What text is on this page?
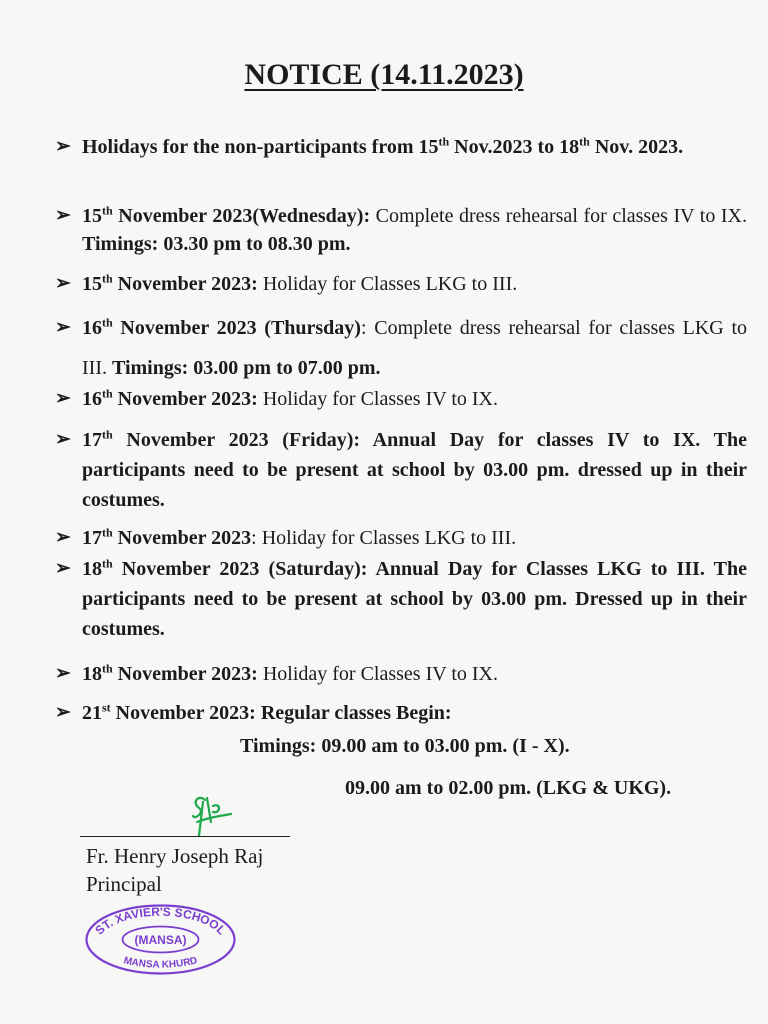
NOTICE (14.11.2023)
➢ Holidays for the non-participants from 15th Nov.2023 to 18th Nov. 2023.
➢ 15th November 2023(Wednesday): Complete dress rehearsal for classes IV to IX. Timings: 03.30 pm to 08.30 pm.
➢ 15th November 2023: Holiday for Classes LKG to III.
➢ 16th November 2023 (Thursday): Complete dress rehearsal for classes LKG to III. Timings: 03.00 pm to 07.00 pm.
➢ 16th November 2023: Holiday for Classes IV to IX.
➢ 17th November 2023 (Friday): Annual Day for classes IV to IX. The participants need to be present at school by 03.00 pm. dressed up in their costumes.
➢ 17th November 2023: Holiday for Classes LKG to III.
➢ 18th November 2023 (Saturday): Annual Day for Classes LKG to III. The participants need to be present at school by 03.00 pm. Dressed up in their costumes.
➢ 18th November 2023: Holiday for Classes IV to IX.
➢ 21st November 2023: Regular classes Begin:
Timings: 09.00 am to 03.00 pm. (I - X).
09.00 am to 02.00 pm. (LKG & UKG).
Fr. Henry Joseph Raj
Principal
ST. XAVIER'S SCHOOL
(MANSA)
MANSA KHURD
